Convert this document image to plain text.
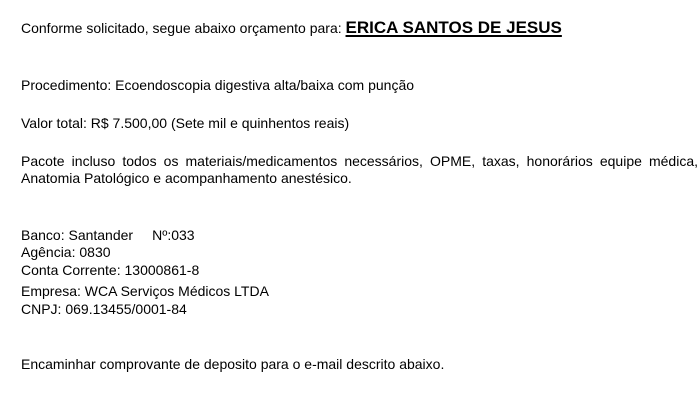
Conforme solicitado, segue abaixo orçamento para: ERICA SANTOS DE JESUS
Procedimento: Ecoendoscopia digestiva alta/baixa com punção
Valor total: R$ 7.500,00 (Sete mil e quinhentos reais)
Pacote incluso todos os materiais/medicamentos necessários, OPME, taxas, honorários equipe médica, Anatomia Patológico e acompanhamento anestésico.
Banco: Santander Nº:033
Agência: 0830
Conta Corrente: 13000861-8
Empresa: WCA Serviços Médicos LTDA
CNPJ: 069.13455/0001-84
Encaminhar comprovante de deposito para o e-mail descrito abaixo.
